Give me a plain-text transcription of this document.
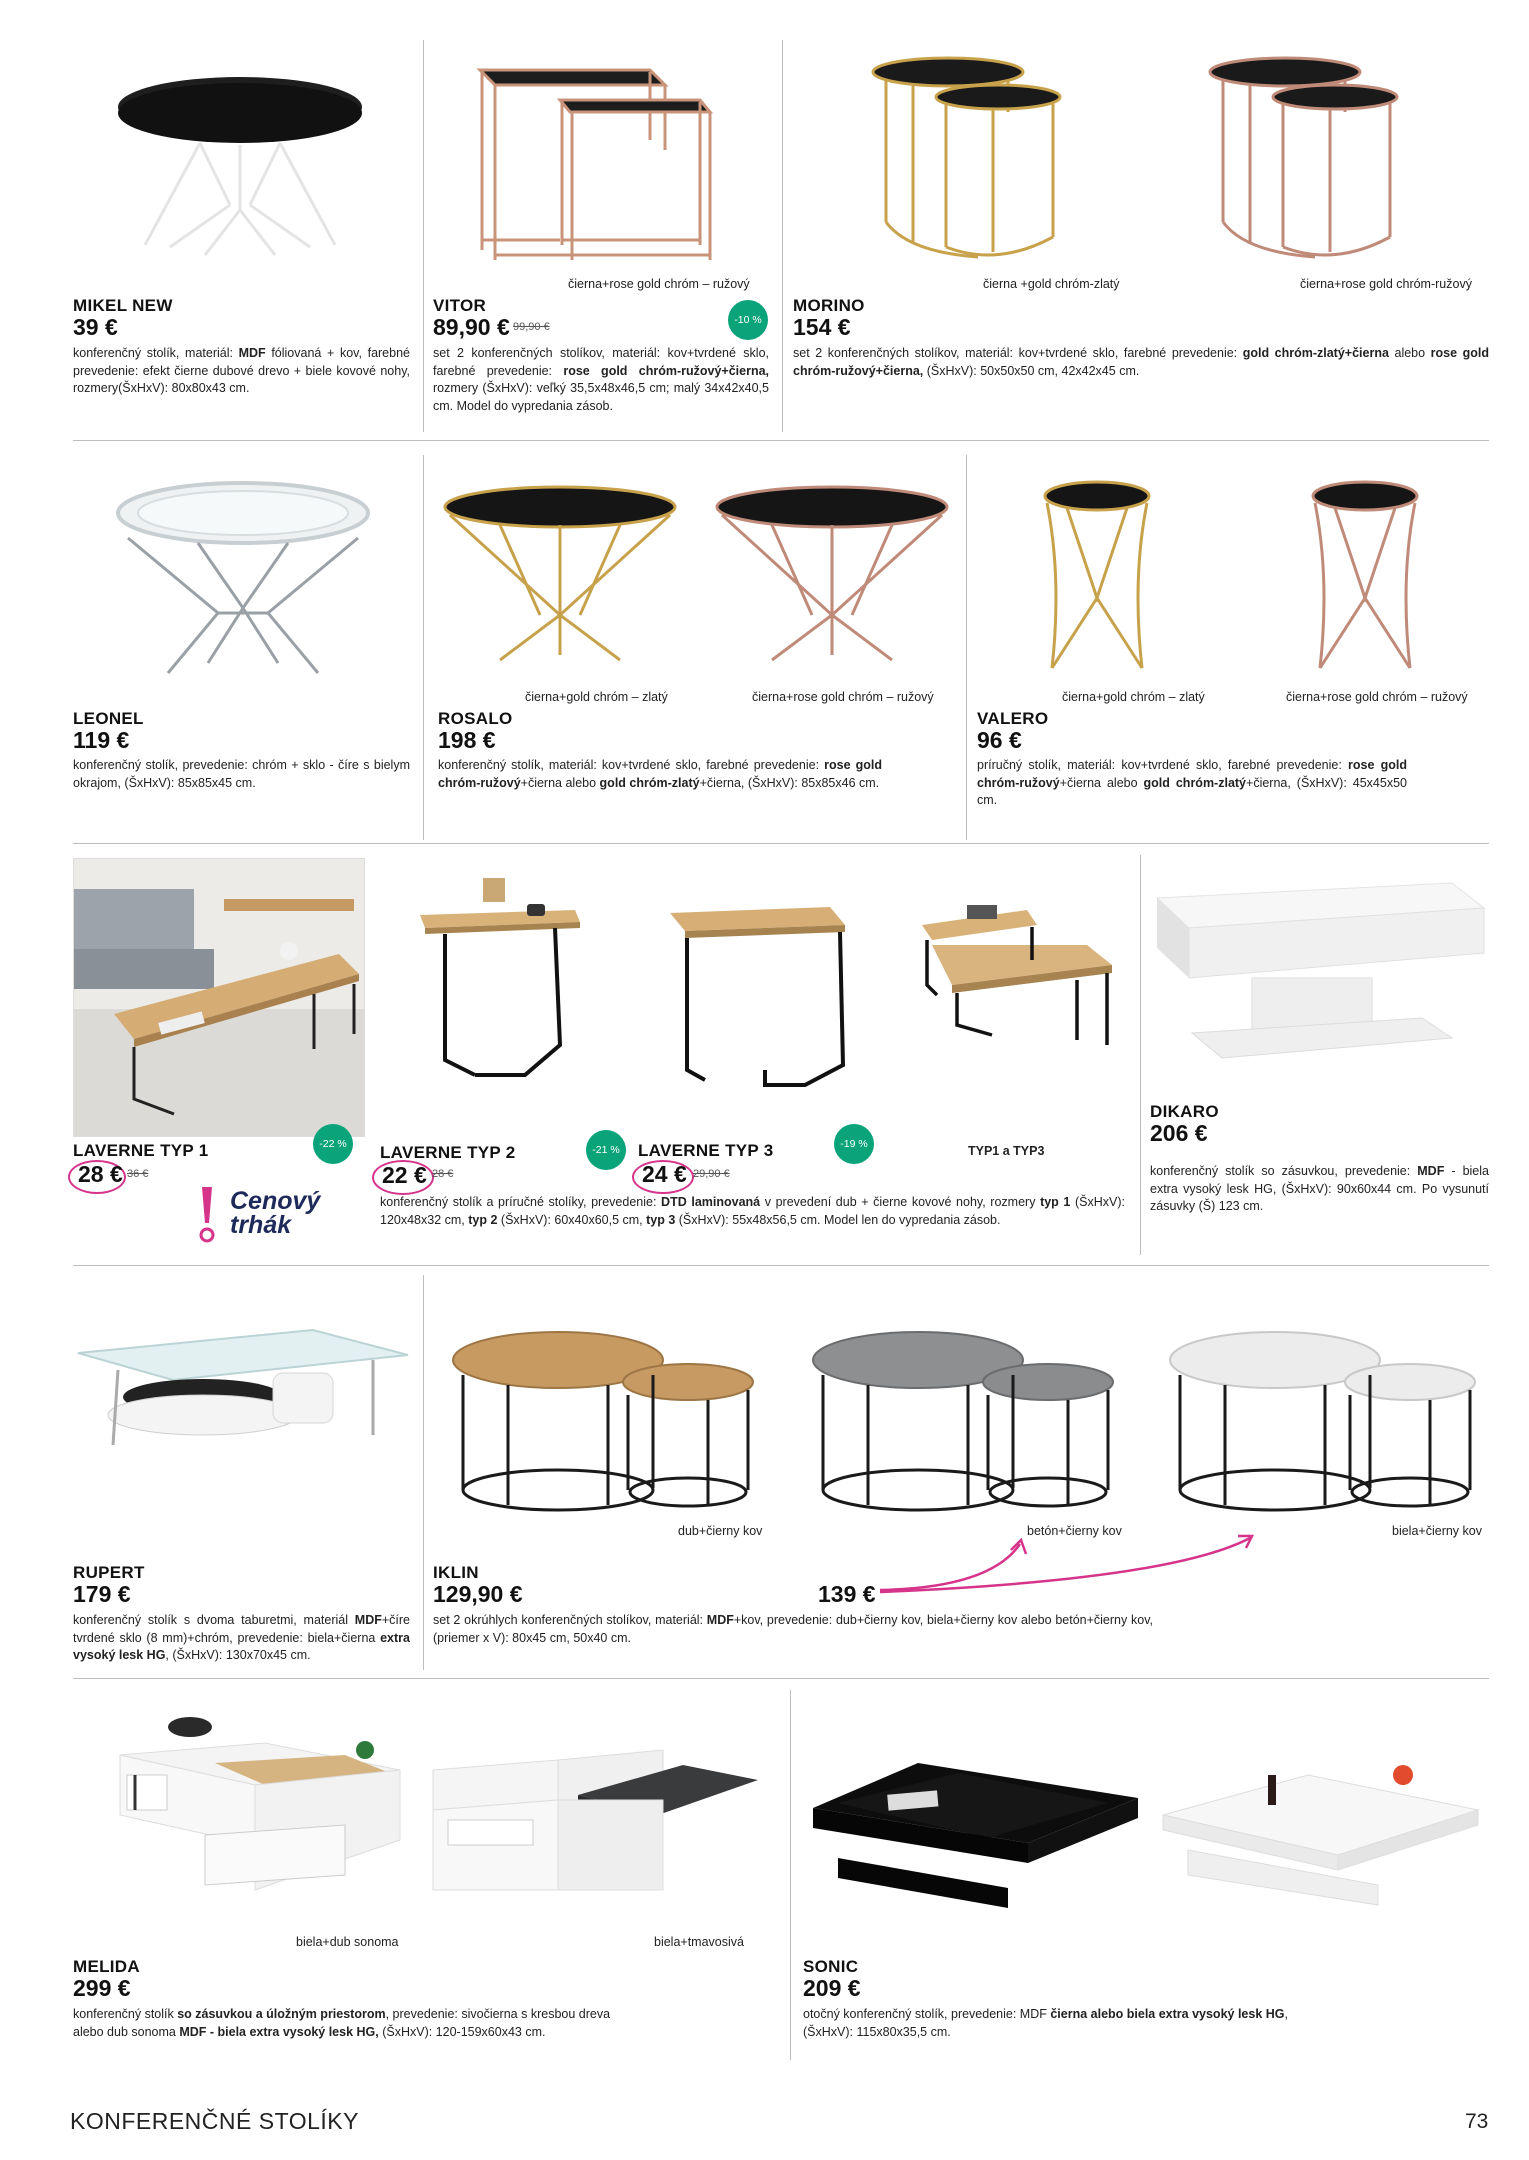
čierna+rose gold chróm – ružový	čierna +gold chróm-zlatý	čierna+rose gold chróm-ružový
MIKEL NEW
39 €
konferenčný stolík, materiál: MDF fóliovaná + kov, farebné prevedenie: efekt čierne dubové drevo + biele kovové nohy, rozmery(ŠxHxV): 80x80x43 cm.
VITOR
89,90 € 99,90 €
-10 %
set 2 konferenčných stolíkov, materiál: kov+tvrdené sklo, farebné prevedenie: rose gold chróm-ružový+čierna, rozmery (ŠxHxV): veľký 35,5x48x46,5 cm; malý 34x42x40,5 cm. Model do vypredania zásob.
MORINO
154 €
set 2 konferenčných stolíkov, materiál: kov+tvrdené sklo, farebné prevedenie: gold chróm-zlatý+čierna alebo rose gold chróm-ružový+čierna, (ŠxHxV): 50x50x50 cm, 42x42x45 cm.
čierna+gold chróm – zlatý	čierna+rose gold chróm – ružový	čierna+gold chróm – zlatý	čierna+rose gold chróm – ružový
LEONEL
119 €
konferenčný stolík, prevedenie: chróm + sklo - číre s bielym okrajom, (ŠxHxV): 85x85x45 cm.
ROSALO
198 €
konferenčný stolík, materiál: kov+tvrdené sklo, farebné prevedenie: rose gold chróm-ružový+čierna alebo gold chróm-zlatý+čierna, (ŠxHxV): 85x85x46 cm.
VALERO
96 €
príručný stolík, materiál: kov+tvrdené sklo, farebné prevedenie: rose gold chróm-ružový+čierna alebo gold chróm-zlatý+čierna, (ŠxHxV): 45x45x50 cm.
-22 %	-21 %	-19 %
LAVERNE TYP 1
28 € 36 €
LAVERNE TYP 2
22 € 28 €
LAVERNE TYP 3
24 € 29,90 €
TYP1 a TYP3
Cenový
trhák
konferenčný stolík a príručné stolíky, prevedenie: DTD laminovaná v prevedení dub + čierne kovové nohy, rozmery typ 1 (ŠxHxV): 120x48x32 cm, typ 2 (ŠxHxV): 60x40x60,5 cm, typ 3 (ŠxHxV): 55x48x56,5 cm. Model len do vypredania zásob.
DIKARO
206 €
konferenčný stolík so zásuvkou, prevedenie: MDF - biela extra vysoký lesk HG, (ŠxHxV): 90x60x44 cm. Po vysunutí zásuvky (Š) 123 cm.
dub+čierny kov	betón+čierny kov	biela+čierny kov
RUPERT
179 €
konferenčný stolík s dvoma taburetmi, materiál MDF+číre tvrdené sklo (8 mm)+chróm, prevedenie: biela+čierna extra vysoký lesk HG, (ŠxHxV): 130x70x45 cm.
IKLIN
129,90 €	139 €
set 2 okrúhlych konferenčných stolíkov, materiál: MDF+kov, prevedenie: dub+čierny kov, biela+čierny kov alebo betón+čierny kov, (priemer x V): 80x45 cm, 50x40 cm.
biela+dub sonoma	biela+tmavosivá
MELIDA
299 €
konferenčný stolík so zásuvkou a úložným priestorom, prevedenie: sivočierna s kresbou dreva alebo dub sonoma MDF - biela extra vysoký lesk HG, (ŠxHxV): 120-159x60x43 cm.
SONIC
209 €
otočný konferenčný stolík, prevedenie: MDF čierna alebo biela extra vysoký lesk HG, (ŠxHxV): 115x80x35,5 cm.
KONFERENČNÉ STOLÍKY	73
